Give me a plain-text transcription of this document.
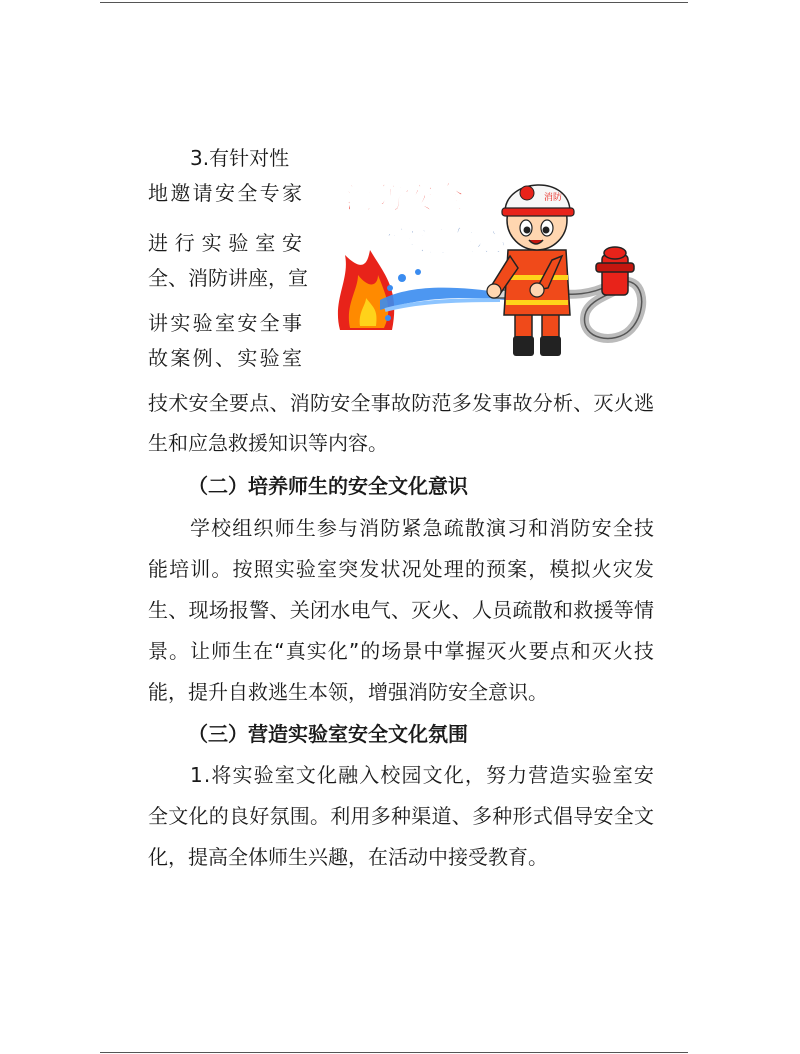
3.有针对性
地 邀 请 安 全 专 家
进 行 实 验 室 安
全 、 消 防 讲 座 ， 宣
讲 实 验 室 安 全 事
故 案 例 、 实 验 室
消防安全
牢记在心
消防
技 术 安 全 要 点 、 消 防 安 全 事 故 防 范 多 发 事 故 分 析 、 灭 火 逃
生和应急救援知识等内容。
（二）培养师生的安全文化意识
学 校 组 织 师 生 参 与 消 防 紧 急 疏 散 演 习 和 消 防 安 全 技
能 培 训 。 按 照 实 验 室 突 发 状 况 处 理 的 预 案 ， 模 拟 火 灾 发
生 、 现 场 报 警 、 关 闭 水 电 气 、 灭 火 、 人 员 疏 散 和 救 援 等 情
景 。 让 师 生 在 “ 真 实 化 ” 的 场 景 中 掌 握 灭 火 要 点 和 灭 火 技
能，提升自救逃生本领，增强消防安全意识。
（三）营造实验室安全文化氛围
1 . 将 实 验 室 文 化 融 入 校 园 文 化 ， 努 力 营 造 实 验 室 安
全 文 化 的 良 好 氛 围 。 利 用 多 种 渠 道 、 多 种 形 式 倡 导 安 全 文
化，提高全体师生兴趣，在活动中接受教育。
